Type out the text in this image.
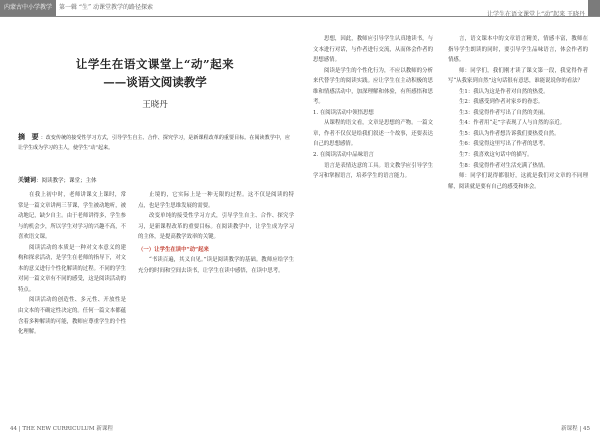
内蒙古中小学教学 第一辑 “生” 动课堂教学的路径探索
让学生在语文课堂上“动”起来 王晓丹
让学生在语文课堂上“动”起来
——谈语文阅读教学
王晓丹
摘 要：改变传统的接受性学习方式，引导学生自主、合作、探究学习，是新课程改革的重要目标。在阅读教学中，应让学生成为学习的主人，使学生“动”起来。
关键词：阅读教学；课堂；主体

在我上初中时，老师讲课文上课时，常常是一篇文章讲两三节课，学生被动地听，被动地记，缺少自主。由于老师讲得多，学生参与的机会少，所以学生对学习的兴趣不高，不喜欢语文课。

阅读活动的本质是一种对文本意义的建构和探求活动，是学生在老师的指导下，对文本的意义进行个性化解读的过程。不同的学生对同一篇文章有不同的感受，这是阅读活动的特点。

阅读活动的创造性、多元性、开放性是由文本的不确定性决定的。任何一篇文本都蕴含着多种解读的可能，教师应尊重学生的个性化理解。

止境的，它实际上是一种无限的过程。这不仅是阅读的特点，也是学生思维发展的需要。

改变单纯的接受性学习方式，引导学生自主、合作、探究学习，是新课程改革的重要目标。在阅读教学中，让学生成为学习的主体，是提高教学效率的关键。

（一）让学生在读中“动”起来

“书读百遍，其义自见。”读是阅读教学的基础。教师应给学生充分的时间和空间去读书，让学生在读中感悟，在读中思考。

思想，因此，教师应引导学生认真地读书，与文本进行对话，与作者进行交流，从而体会作者的思想感情。

阅读是学生的个性化行为，不应以教师的分析来代替学生的阅读实践。应让学生在主动积极的思维和情感活动中，加深理解和体验，有所感悟和思考。

1. 在阅读活动中领悟思想

从课程的语文看，文章是思想的产物。一篇文章，作者不仅仅是给我们叙述一个故事，还要表达自己的思想感情。

2. 在阅读活动中品味语言

语言是表情达意的工具。语文教学应引导学生学习和掌握语言，培养学生的语言能力。

言，语文课本中的文章语言精美，情感丰富，教师在指导学生朗读的同时，要引导学生品味语言，体会作者的情感。

师：同学们，我们刚才读了课文第一段，我觉得作者写“从我家到自然”这句话很有意思，谁能说说你的看法？

生1：我认为这是作者对自然的热爱。

生2：我感受到作者对家乡的眷恋。

生3：我觉得作者写出了自然的美丽。

生4：作者用“走”字表现了人与自然的亲近。

生5：我认为作者想告诉我们要热爱自然。

生6：我觉得这里写出了作者的思考。

生7：我喜欢这句话中的描写。

生8：我觉得作者对生活充满了热情。

师：同学们说得都很好，这就是我们对文章的不同理解，阅读就是要有自己的感受和体会。

44 | THE NEW CURRICULUM 新课程	新课程 | 45
